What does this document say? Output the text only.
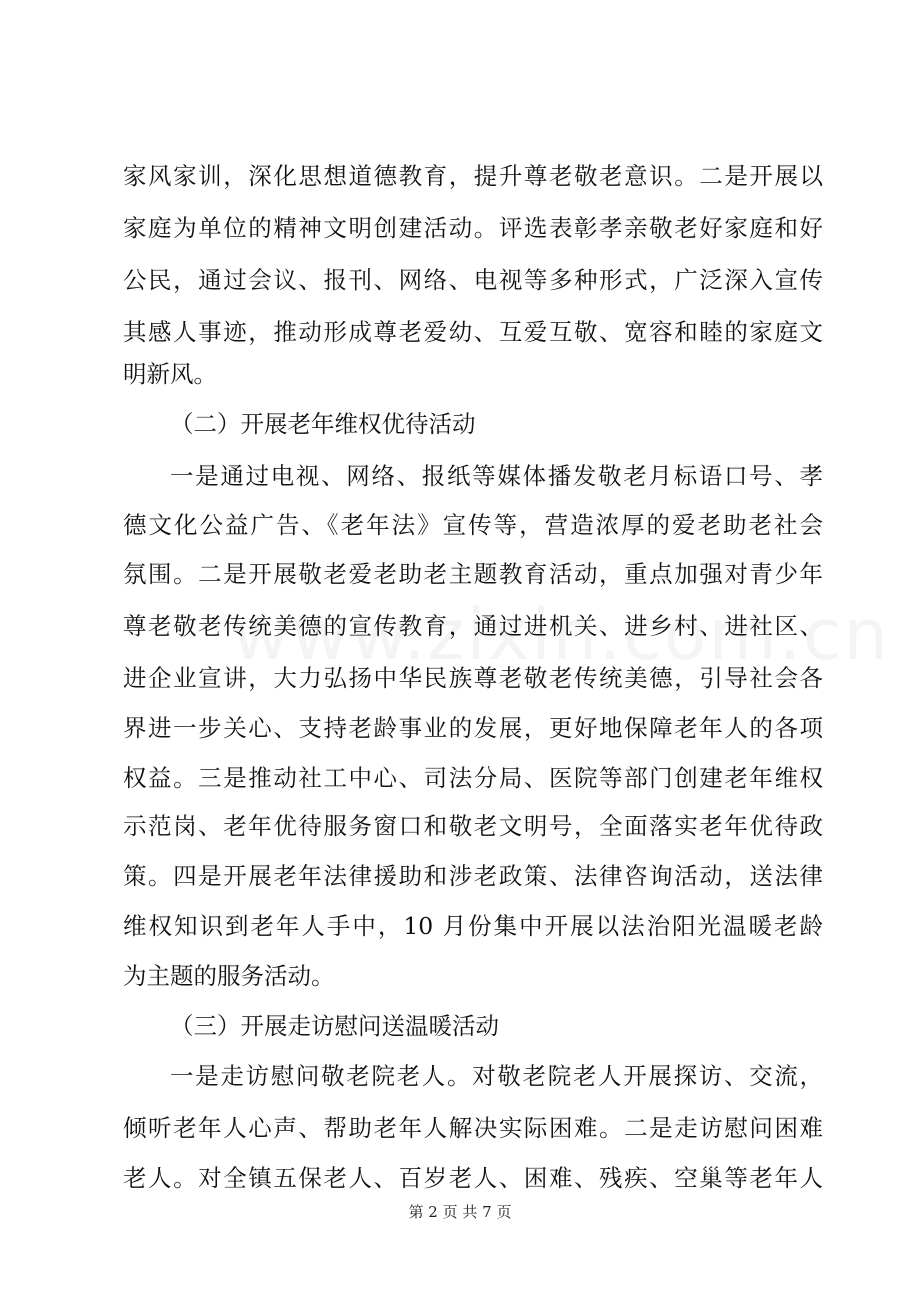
家风家训，深化思想道德教育，提升尊老敬老意识。二是开展以
家庭为单位的精神文明创建活动。评选表彰孝亲敬老好家庭和好
公民，通过会议、报刊、网络、电视等多种形式，广泛深入宣传
其感人事迹，推动形成尊老爱幼、互爱互敬、宽容和睦的家庭文
明新风。
（二）开展老年维权优待活动
一是通过电视、网络、报纸等媒体播发敬老月标语口号、孝
德文化公益广告、《老年法》宣传等，营造浓厚的爱老助老社会
氛围。二是开展敬老爱老助老主题教育活动，重点加强对青少年
尊老敬老传统美德的宣传教育，通过进机关、进乡村、进社区、
进企业宣讲，大力弘扬中华民族尊老敬老传统美德，引导社会各
界进一步关心、支持老龄事业的发展，更好地保障老年人的各项
权益。三是推动社工中心、司法分局、医院等部门创建老年维权
示范岗、老年优待服务窗口和敬老文明号，全面落实老年优待政
策。四是开展老年法律援助和涉老政策、法律咨询活动，送法律
维权知识到老年人手中，10 月份集中开展以法治阳光温暖老龄
为主题的服务活动。
（三）开展走访慰问送温暖活动
一是走访慰问敬老院老人。对敬老院老人开展探访、交流，
倾听老年人心声、帮助老年人解决实际困难。二是走访慰问困难
老人。对全镇五保老人、百岁老人、困难、残疾、空巢等老年人
第 2 页 共 7 页
